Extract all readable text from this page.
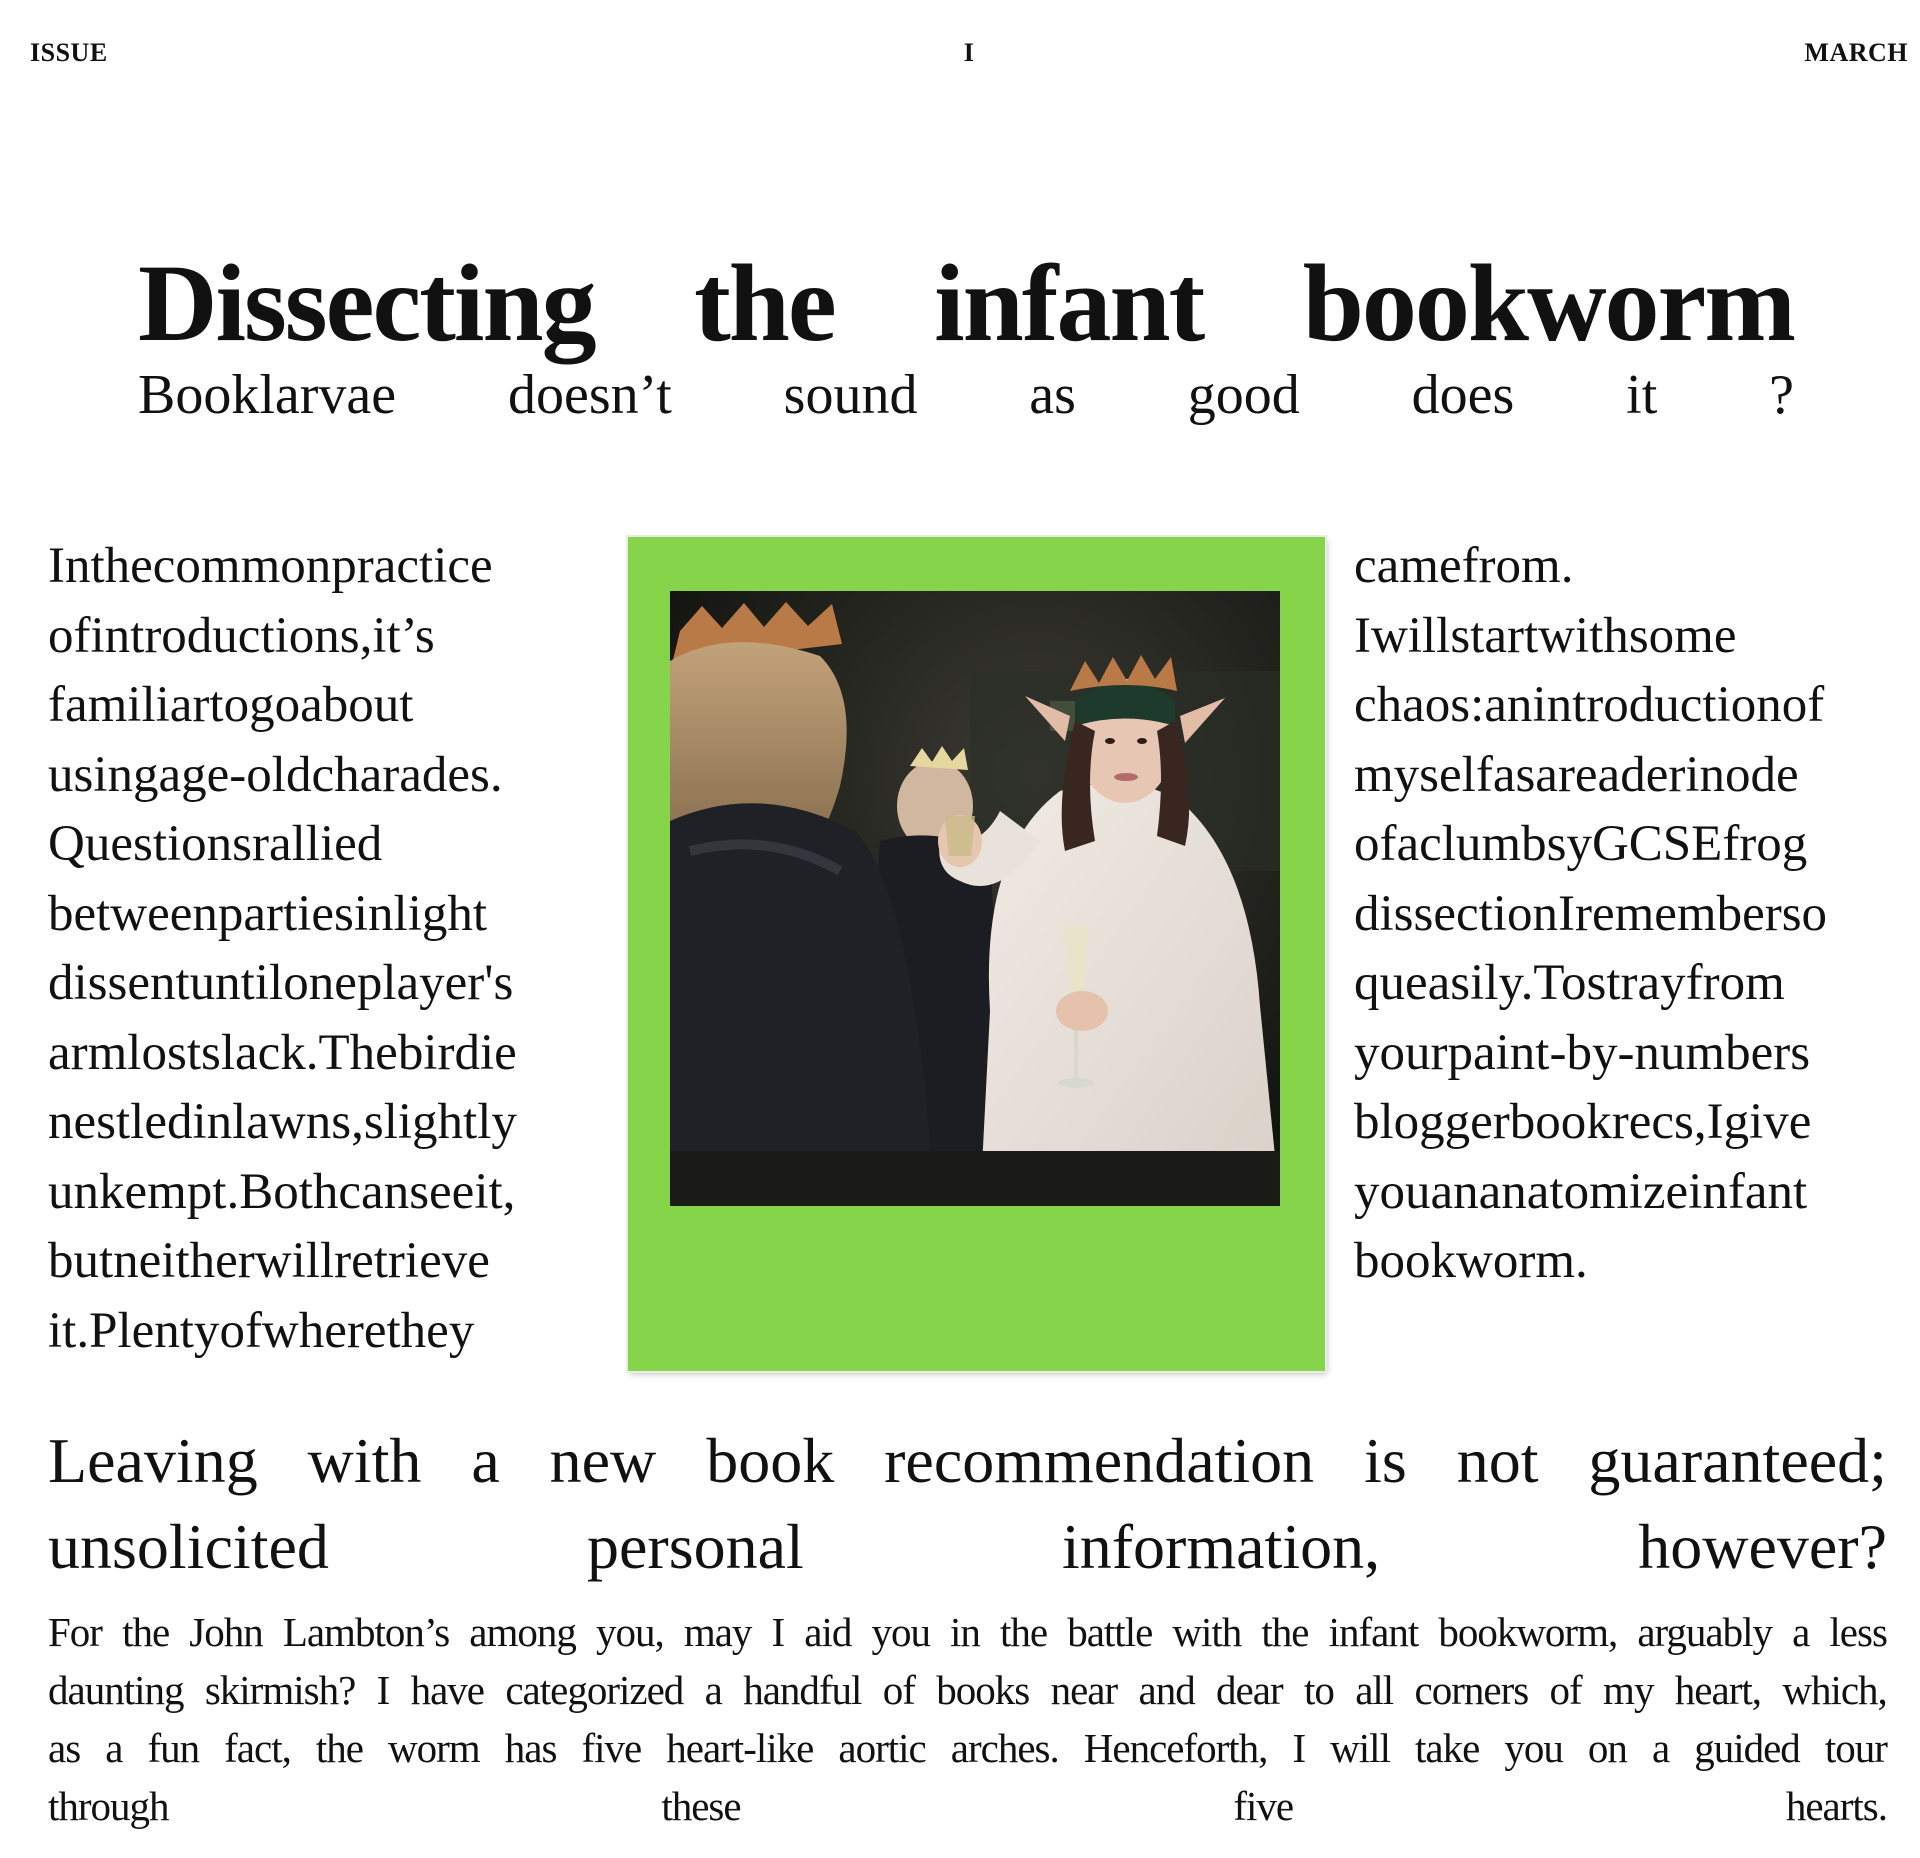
ISSUE	I	MARCH
Dissecting the infant bookworm
Booklarvae doesn’t sound as good does it ?
Inthecommonpractice
ofintroductions,it’s
familiartogoabout
usingage-oldcharades.
Questionsrallied
betweenpartiesinlight
dissentuntiloneplayer's
armlostslack.Thebirdie
nestledinlawns,slightly
unkempt.Bothcanseeit,
butneitherwillretrieve
it.Plentyofwherethey
camefrom.
Iwillstartwithsome
chaos:anintroductionof
myselfasareaderinode
ofaclumbsyGCSEfrog
dissectionIrememberso
queasily.Tostrayfrom
yourpaint-by-numbers
bloggerbookrecs,Igive
youananatomizeinfant
bookworm.
Leaving with a new book recommendation is not guaranteed;
unsolicited	personal	information,	however?
For the John Lambton’s among you, may I aid you in the battle with the infant bookworm, arguably a less
daunting skirmish? I have categorized a handful of books near and dear to all corners of my heart, which,
as a fun fact, the worm has five heart-like aortic arches. Henceforth, I will take you on a guided tour
through	these	five	hearts.
